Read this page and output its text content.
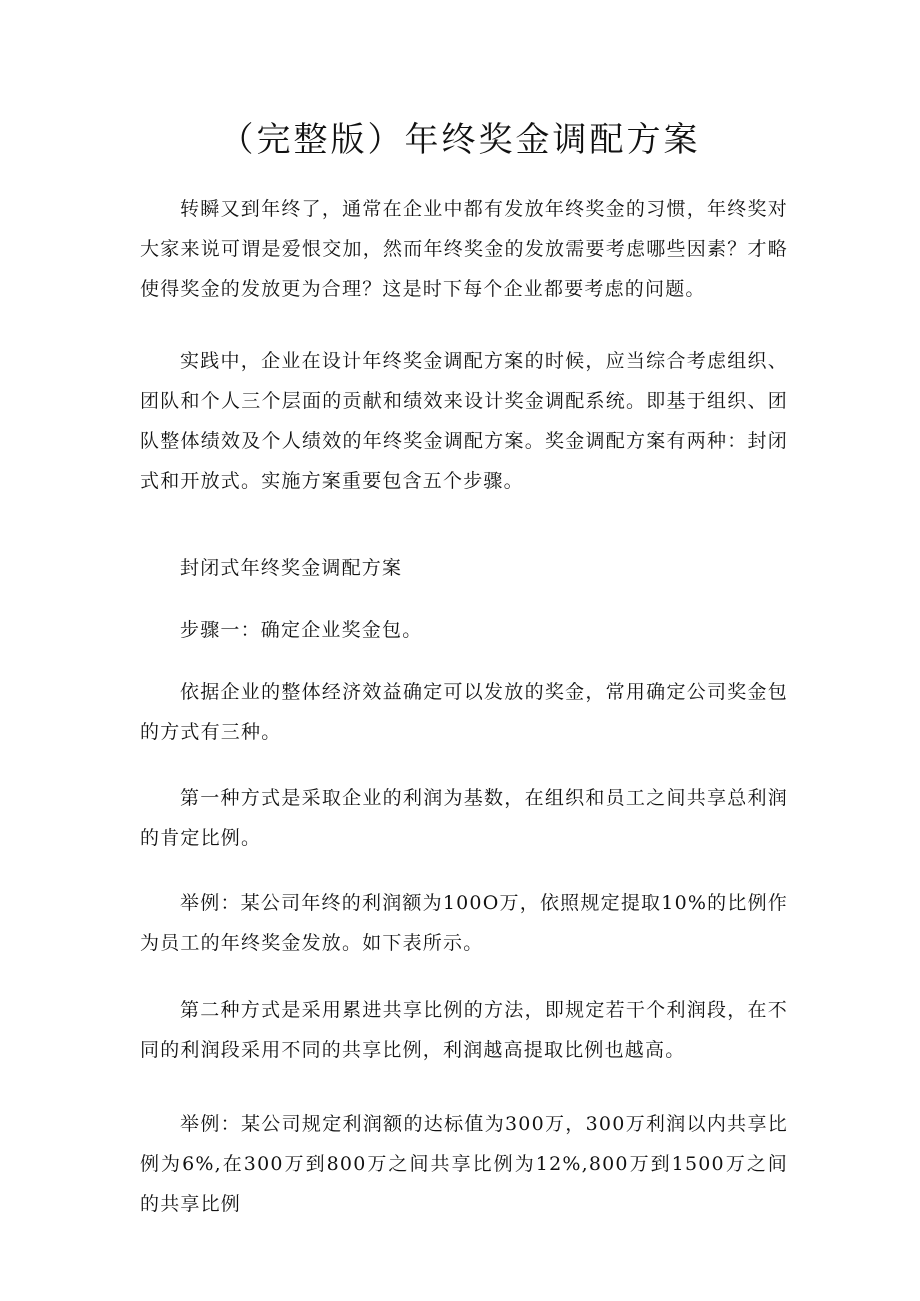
（完整版）年终奖金调配方案

转瞬又到年终了，通常在企业中都有发放年终奖金的习惯，年终奖对大家来说可谓是爱恨交加，然而年终奖金的发放需要考虑哪些因素？才略使得奖金的发放更为合理？这是时下每个企业都要考虑的问题。

实践中，企业在设计年终奖金调配方案的时候，应当综合考虑组织、团队和个人三个层面的贡献和绩效来设计奖金调配系统。即基于组织、团队整体绩效及个人绩效的年终奖金调配方案。奖金调配方案有两种：封闭式和开放式。实施方案重要包含五个步骤。

封闭式年终奖金调配方案

步骤一：确定企业奖金包。

依据企业的整体经济效益确定可以发放的奖金，常用确定公司奖金包的方式有三种。

第一种方式是采取企业的利润为基数，在组织和员工之间共享总利润的肯定比例。

举例：某公司年终的利润额为100O万，依照规定提取10%的比例作为员工的年终奖金发放。如下表所示。

第二种方式是采用累进共享比例的方法，即规定若干个利润段，在不同的利润段采用不同的共享比例，利润越高提取比例也越高。

举例：某公司规定利润额的达标值为300万，300万利润以内共享比例为6%,在300万到800万之间共享比例为12%,800万到1500万之间的共享比例
